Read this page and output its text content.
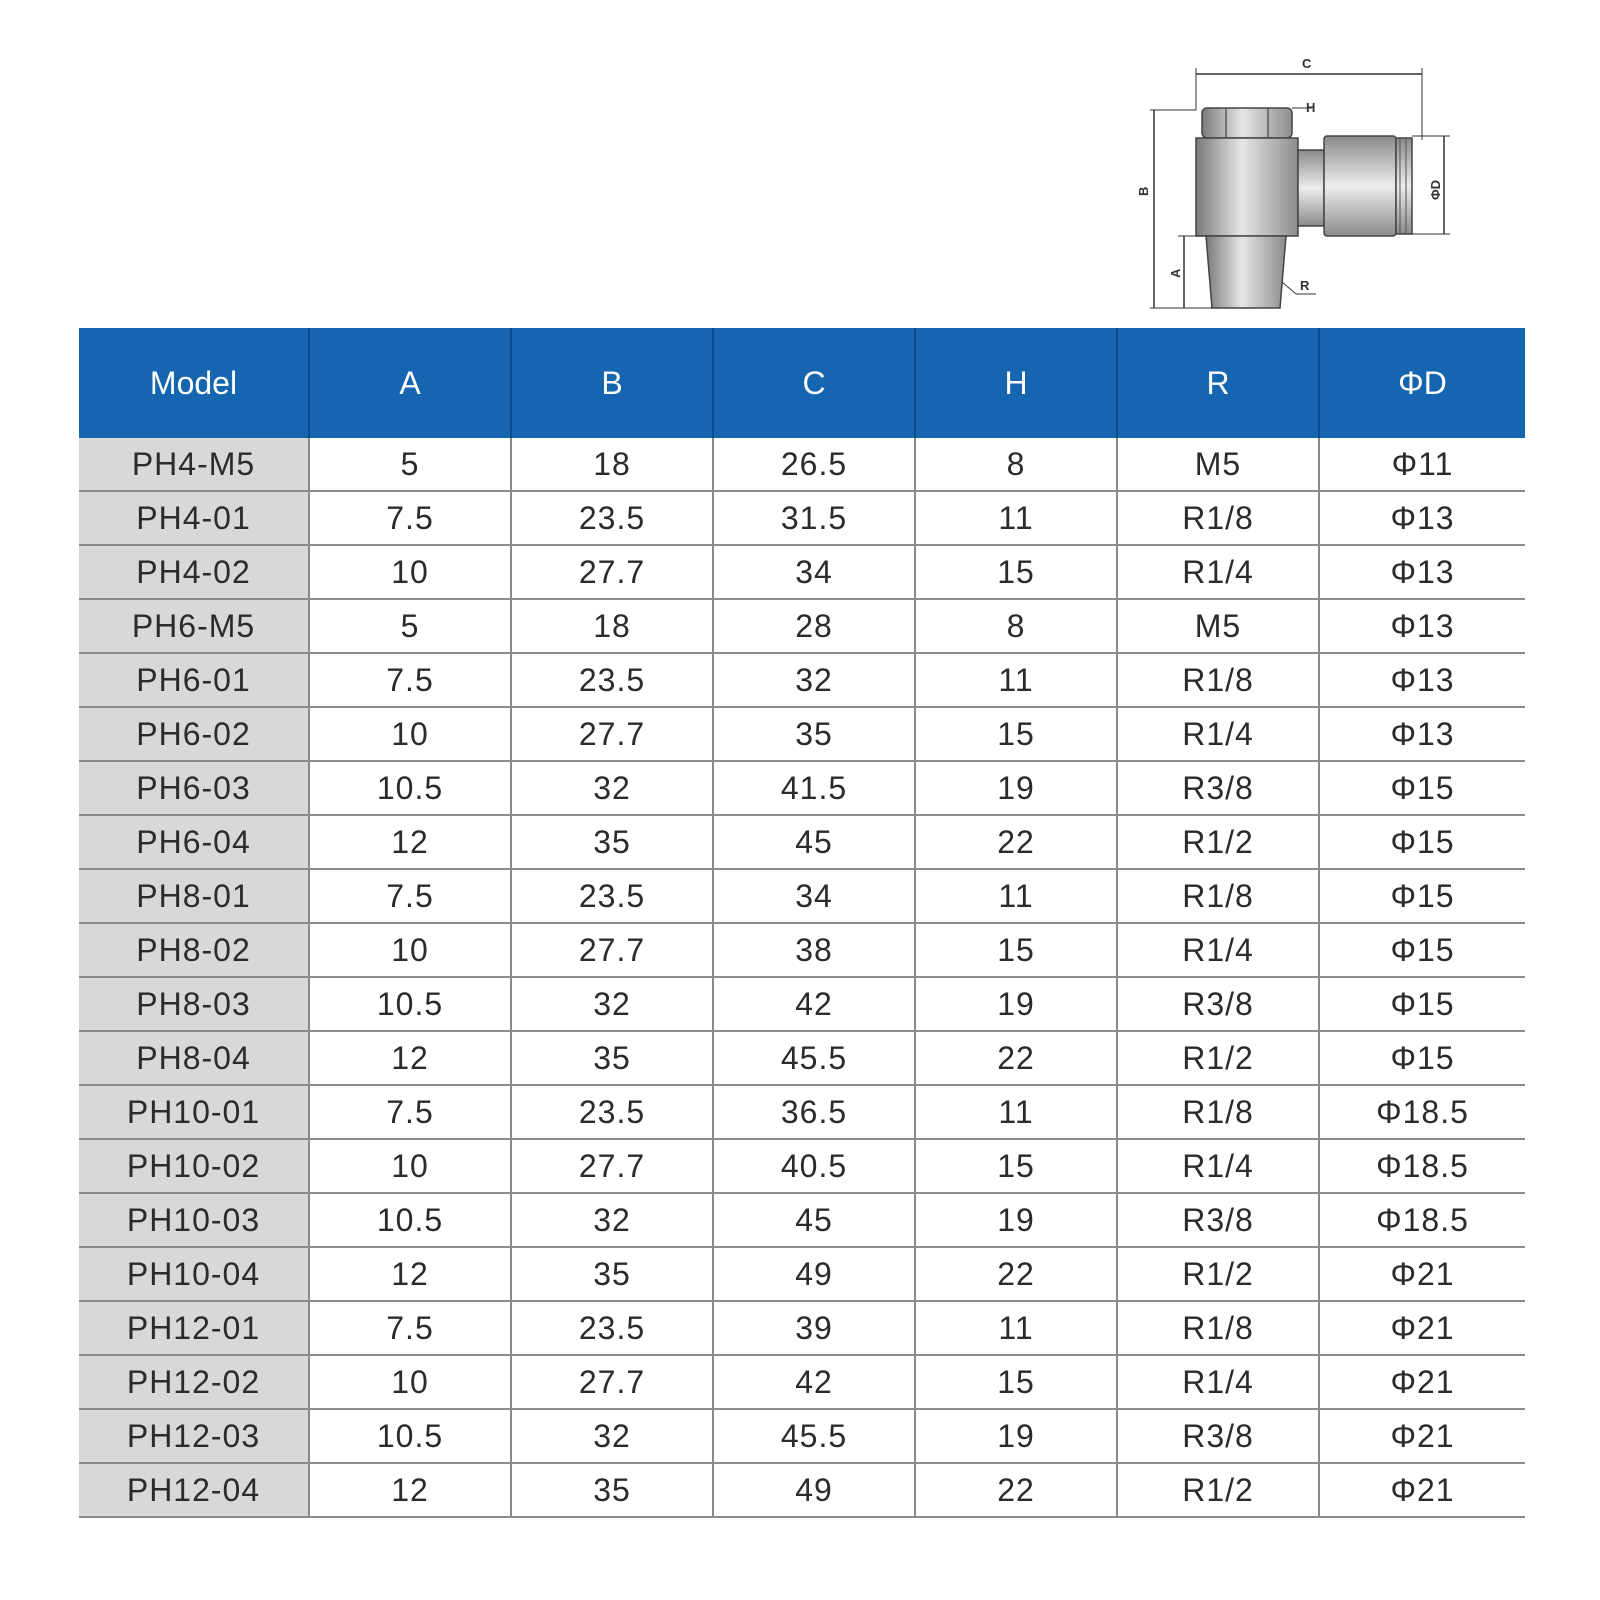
C
H
ΦD
B
A
R
Model	A	B	C	H	R	ΦD
PH4-M5	5	18	26.5	8	M5	Φ11
PH4-01	7.5	23.5	31.5	11	R1/8	Φ13
PH4-02	10	27.7	34	15	R1/4	Φ13
PH6-M5	5	18	28	8	M5	Φ13
PH6-01	7.5	23.5	32	11	R1/8	Φ13
PH6-02	10	27.7	35	15	R1/4	Φ13
PH6-03	10.5	32	41.5	19	R3/8	Φ15
PH6-04	12	35	45	22	R1/2	Φ15
PH8-01	7.5	23.5	34	11	R1/8	Φ15
PH8-02	10	27.7	38	15	R1/4	Φ15
PH8-03	10.5	32	42	19	R3/8	Φ15
PH8-04	12	35	45.5	22	R1/2	Φ15
PH10-01	7.5	23.5	36.5	11	R1/8	Φ18.5
PH10-02	10	27.7	40.5	15	R1/4	Φ18.5
PH10-03	10.5	32	45	19	R3/8	Φ18.5
PH10-04	12	35	49	22	R1/2	Φ21
PH12-01	7.5	23.5	39	11	R1/8	Φ21
PH12-02	10	27.7	42	15	R1/4	Φ21
PH12-03	10.5	32	45.5	19	R3/8	Φ21
PH12-04	12	35	49	22	R1/2	Φ21
